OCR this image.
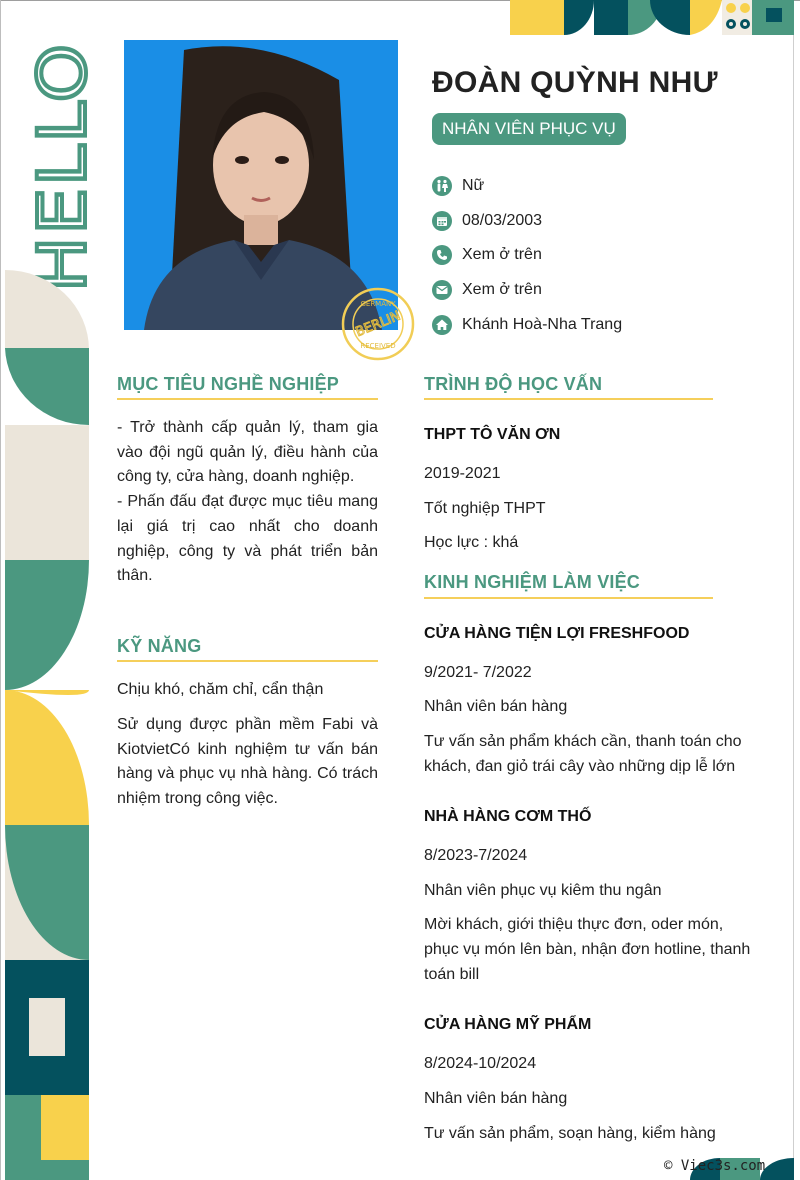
HELLO
GERMANY
BERLIN
RECEIVED
ĐOÀN QUỲNH NHƯ
NHÂN VIÊN PHỤC VỤ
Nữ
08/03/2003
Xem ở trên
Xem ở trên
Khánh Hoà-Nha Trang
MỤC TIÊU NGHỀ NGHIỆP
- Trở thành cấp quản lý, tham gia vào đội ngũ quản lý, điều hành của công ty, cửa hàng, doanh nghiệp.
- Phấn đấu đạt được mục tiêu mang lại giá trị cao nhất cho doanh nghiệp, công ty và phát triển bản thân.
KỸ NĂNG
Chịu khó, chăm chỉ, cẩn thận
Sử dụng được phần mềm Fabi và KiotvietCó kinh nghiệm tư vấn bán hàng và phục vụ nhà hàng. Có trách nhiệm trong công việc.
TRÌNH ĐỘ HỌC VẤN
THPT TÔ VĂN ƠN
2019-2021
Tốt nghiệp THPT
Học lực : khá
KINH NGHIỆM LÀM VIỆC
CỬA HÀNG TIỆN LỢI FRESHFOOD
9/2021- 7/2022
Nhân viên bán hàng
Tư vấn sản phẩm khách cần, thanh toán cho khách, đan giỏ trái cây vào những dịp lễ lớn
NHÀ HÀNG CƠM THỐ
8/2023-7/2024
Nhân viên phục vụ kiêm thu ngân
Mời khách, giới thiệu thực đơn, oder món, phục vụ món lên bàn, nhận đơn hotline, thanh toán bill
CỬA HÀNG MỸ PHẨM
8/2024-10/2024
Nhân viên bán hàng
Tư vấn sản phẩm, soạn hàng, kiểm hàng
© Viec3s.com
